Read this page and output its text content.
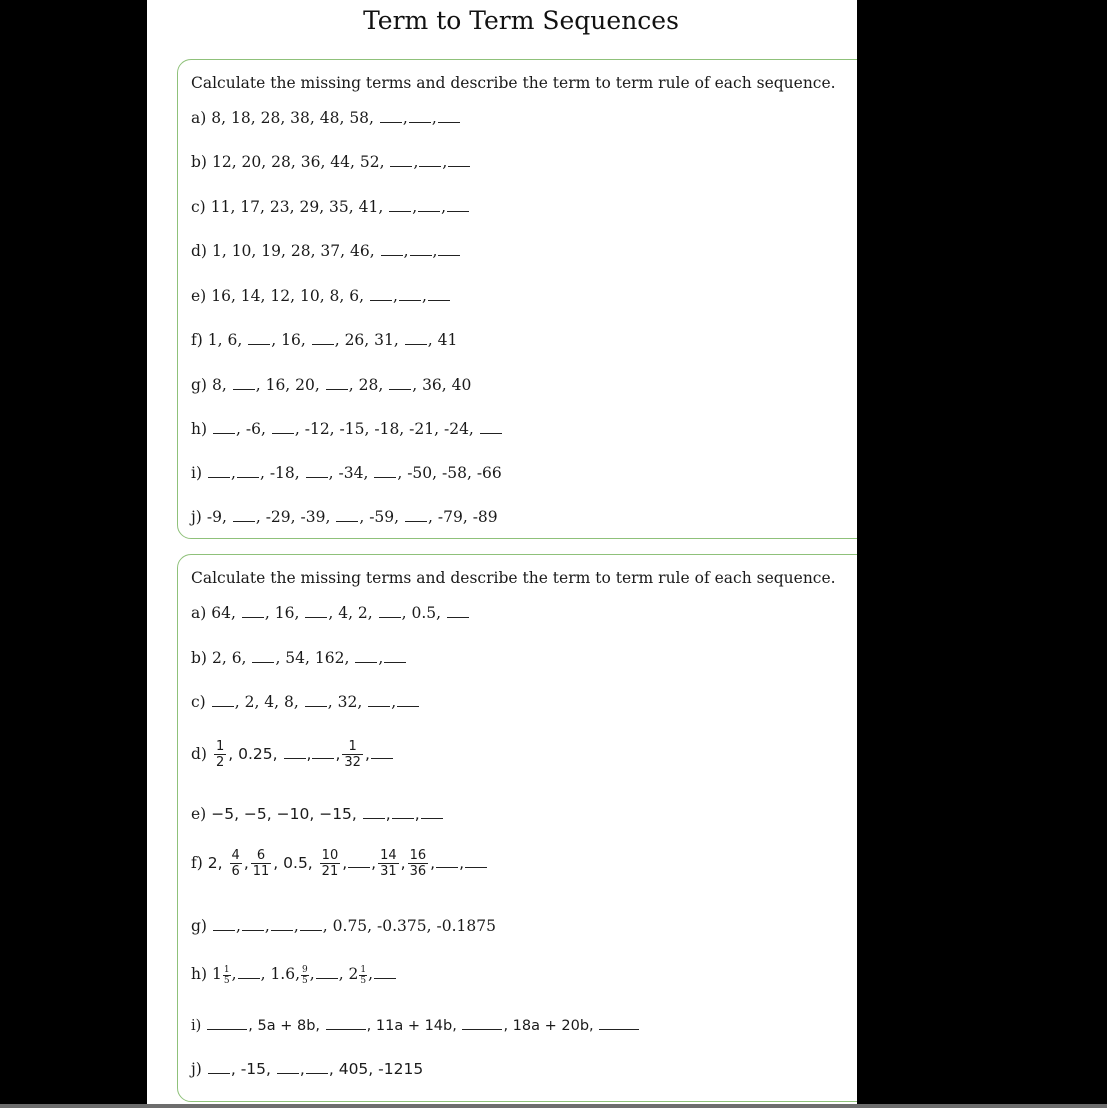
Term to Term Sequences
Calculate the missing terms and describe the term to term rule of each sequence.
a) 8, 18, 28, 38, 48, 58, , ,
b) 12, 20, 28, 36, 44, 52, , ,
c) 11, 17, 23, 29, 35, 41, , ,
d) 1, 10, 19, 28, 37, 46, , ,
e) 16, 14, 12, 10, 8, 6, , ,
f) 1, 6, , 16, , 26, 31, , 41
g) 8, , 16, 20, , 28, , 36, 40
h) , -6, , -12, -15, -18, -21, -24,
i) , , -18, , -34, , -50, -58, -66
j) -9, , -29, -39, , -59, , -79, -89
Calculate the missing terms and describe the term to term rule of each sequence.
a) 64, , 16, , 4, 2, , 0.5,
b) 2, 6, , 54, 162, ,
c) , 2, 4, 8, , 32, ,
$d) \frac{1}{2}$ , 0.25, , , $\frac{1}{32}$ ,
e) −5, −5, −10, −15, , ,
f) 2, $\frac{4}{6}$ , $\frac{6}{11}$ , 0.5, $\frac{10}{21}$ , , $\frac{14}{31}$ , $\frac{16}{36}$ , ,
g) , , , , 0.75, -0.375, -0.1875
h) $1 \frac{1}{5}$ , , 1.6, $\frac{9}{5}$ , , $2 \frac{1}{5}$ ,
i)	, 5a + 8b,	, 11a + 14b,	, 18a + 20b,
j) , -15, , , 405, -1215
